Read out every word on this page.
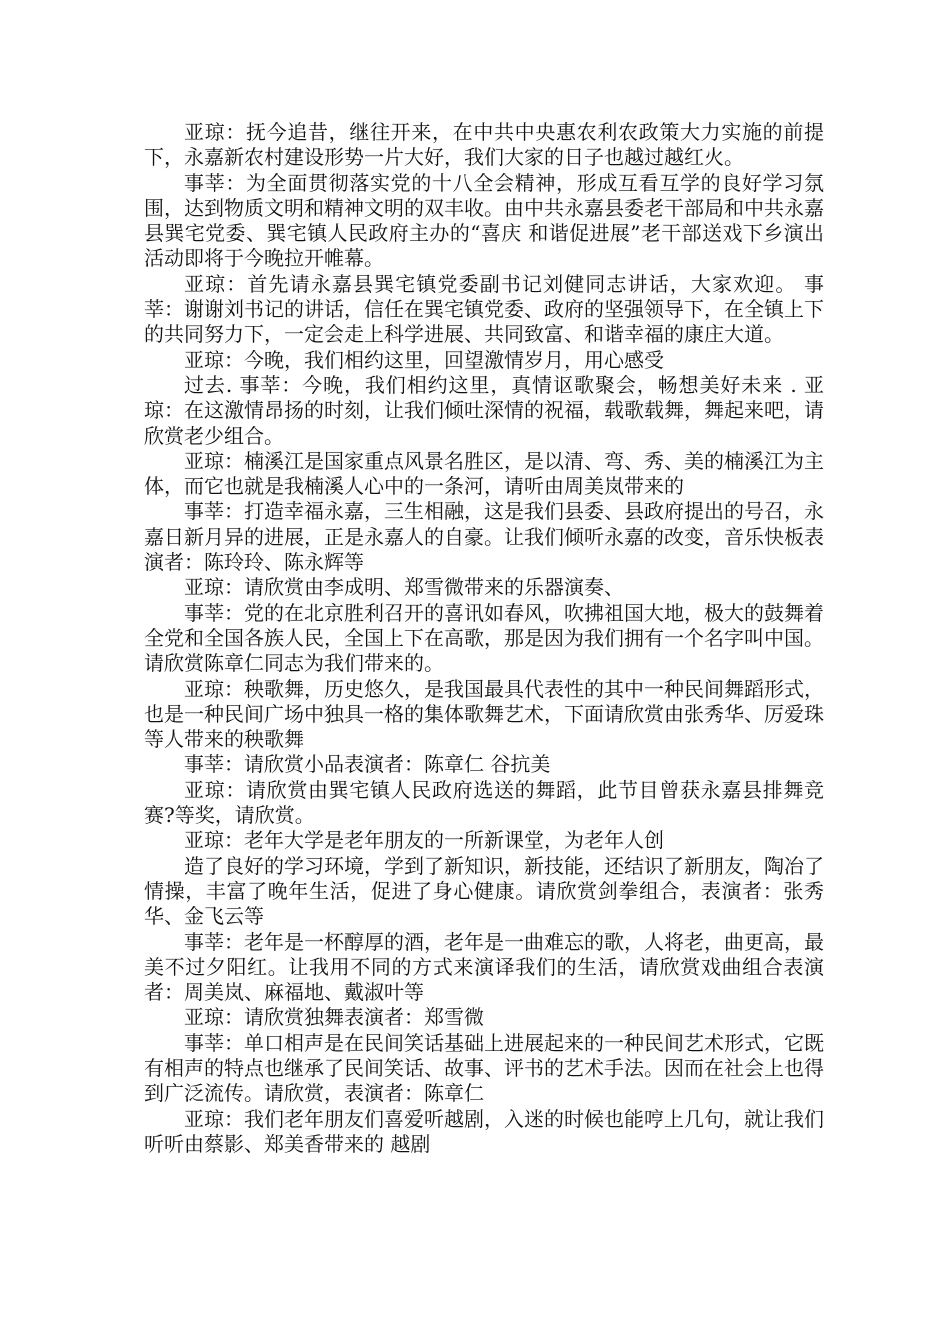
亚琼：抚今追昔，继往开来，在中共中央惠农利农政策大力实施的前提下，永嘉新农村建设形势一片大好，我们大家的日子也越过越红火。

事莘：为全面贯彻落实党的十八全会精神，形成互看互学的良好学习氛围，达到物质文明和精神文明的双丰收。由中共永嘉县委老干部局和中共永嘉县巽宅党委、巽宅镇人民政府主办的“喜庆 和谐促进展”老干部送戏下乡演出活动即将于今晚拉开帷幕。

亚琼：首先请永嘉县巽宅镇党委副书记刘健同志讲话，大家欢迎。 事莘：谢谢刘书记的讲话，信任在巽宅镇党委、政府的坚强领导下，在全镇上下的共同努力下，一定会走上科学进展、共同致富、和谐幸福的康庄大道。

亚琼：今晚，我们相约这里，回望激情岁月，用心感受

过去. 事莘：今晚，我们相约这里，真情讴歌聚会，畅想美好未来 . 亚琼：在这激情昂扬的时刻，让我们倾吐深情的祝福，载歌载舞，舞起来吧，请欣赏老少组合。

亚琼：楠溪江是国家重点风景名胜区，是以清、弯、秀、美的楠溪江为主体，而它也就是我楠溪人心中的一条河，请听由周美岚带来的

事莘：打造幸福永嘉，三生相融，这是我们县委、县政府提出的号召，永嘉日新月异的进展，正是永嘉人的自豪。让我们倾听永嘉的改变，音乐快板表演者：陈玲玲、陈永辉等

亚琼：请欣赏由李成明、郑雪微带来的乐器演奏、

事莘：党的在北京胜利召开的喜讯如春风，吹拂祖国大地，极大的鼓舞着全党和全国各族人民，全国上下在高歌，那是因为我们拥有一个名字叫中国。请欣赏陈章仁同志为我们带来的。

亚琼：秧歌舞，历史悠久，是我国最具代表性的其中一种民间舞蹈形式，也是一种民间广场中独具一格的集体歌舞艺术，下面请欣赏由张秀华、厉爱珠等人带来的秧歌舞

事莘：请欣赏小品表演者：陈章仁 谷抗美

亚琼：请欣赏由巽宅镇人民政府选送的舞蹈，此节目曾获永嘉县排舞竞赛?等奖，请欣赏。

亚琼：老年大学是老年朋友的一所新课堂，为老年人创

造了良好的学习环境，学到了新知识，新技能，还结识了新朋友，陶冶了情操，丰富了晚年生活，促进了身心健康。请欣赏剑拳组合，表演者：张秀华、金飞云等

事莘：老年是一杯醇厚的酒，老年是一曲难忘的歌，人将老，曲更高，最美不过夕阳红。让我用不同的方式来演译我们的生活，请欣赏戏曲组合表演者：周美岚、麻福地、戴淑叶等

亚琼：请欣赏独舞表演者：郑雪微

事莘：单口相声是在民间笑话基础上进展起来的一种民间艺术形式，它既有相声的特点也继承了民间笑话、故事、评书的艺术手法。因而在社会上也得到广泛流传。请欣赏，表演者：陈章仁

亚琼：我们老年朋友们喜爱听越剧，入迷的时候也能哼上几句，就让我们听听由蔡影、郑美香带来的 越剧
